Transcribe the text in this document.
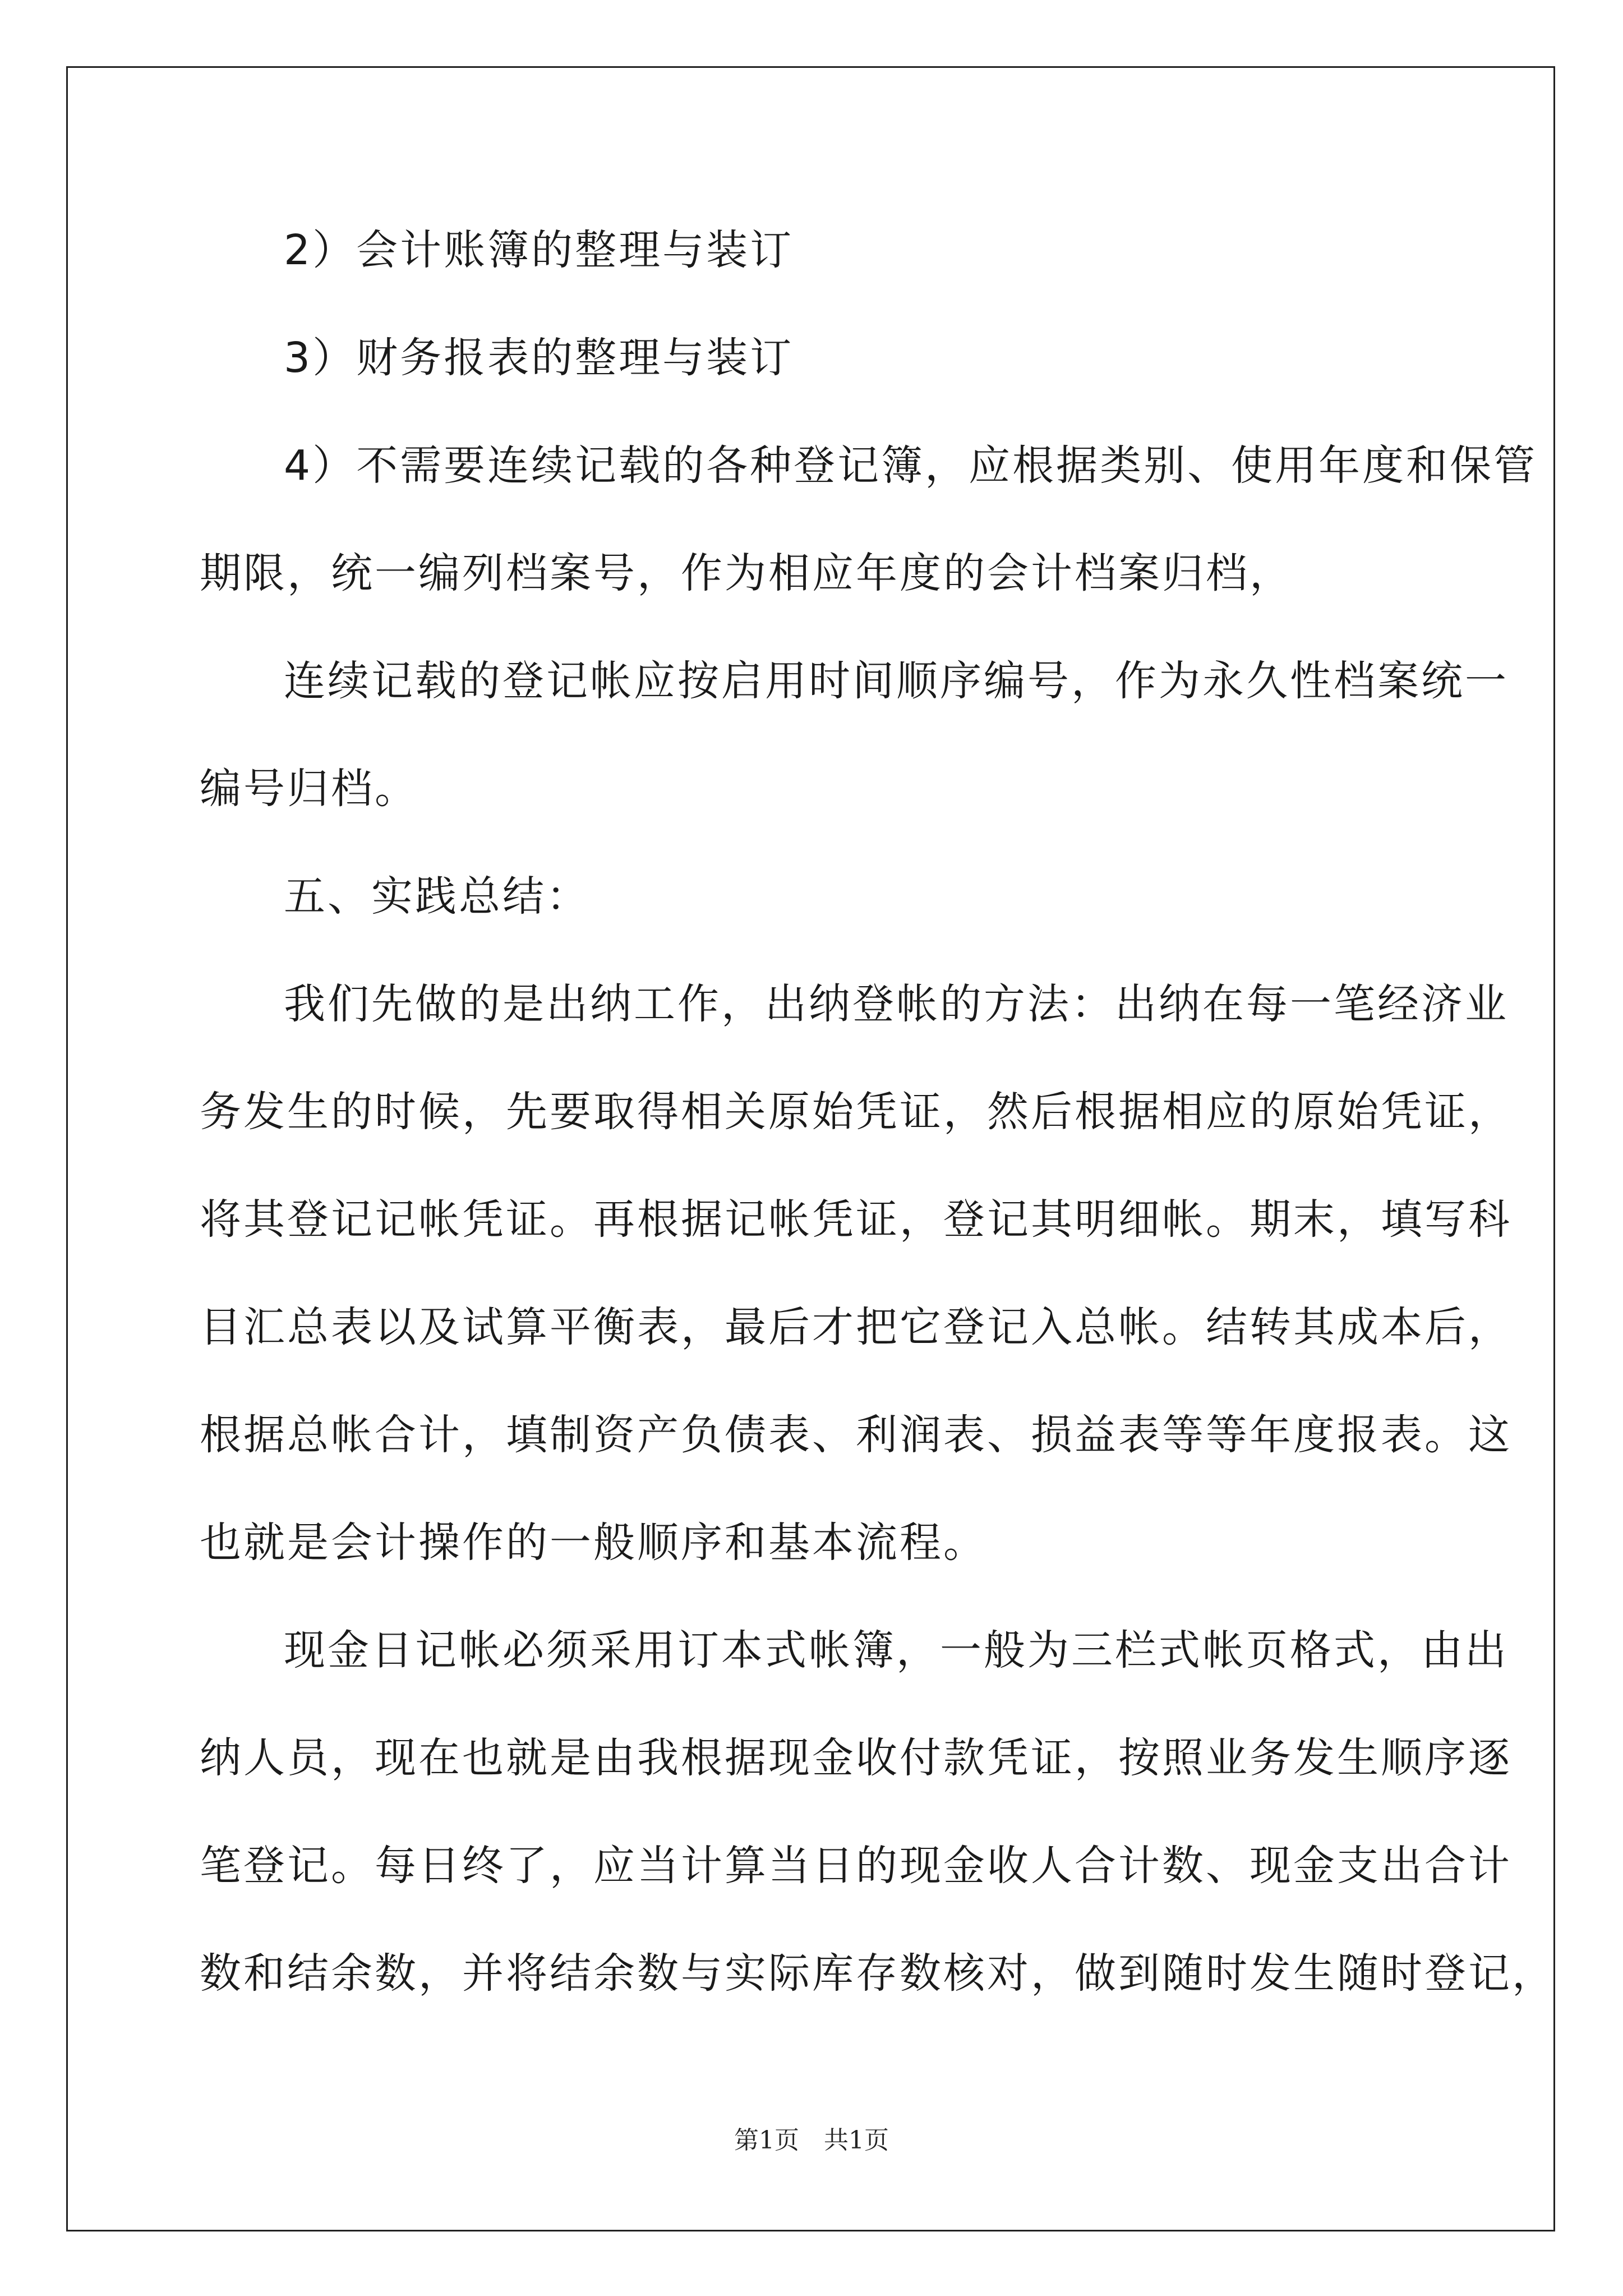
2）会计账簿的整理与装订
3）财务报表的整理与装订
4）不需要连续记载的各种登记簿，应根据类别、使用年度和保管
期限，统一编列档案号，作为相应年度的会计档案归档，
连续记载的登记帐应按启用时间顺序编号，作为永久性档案统一
编号归档。
五、实践总结：
我们先做的是出纳工作，出纳登帐的方法：出纳在每一笔经济业
务发生的时候，先要取得相关原始凭证，然后根据相应的原始凭证，
将其登记记帐凭证。再根据记帐凭证，登记其明细帐。期末，填写科
目汇总表以及试算平衡表，最后才把它登记入总帐。结转其成本后，
根据总帐合计，填制资产负债表、利润表、损益表等等年度报表。这
也就是会计操作的一般顺序和基本流程。
现金日记帐必须采用订本式帐簿，一般为三栏式帐页格式，由出
纳人员，现在也就是由我根据现金收付款凭证，按照业务发生顺序逐
笔登记。每日终了，应当计算当日的现金收人合计数、现金支出合计
数和结余数，并将结余数与实际库存数核对，做到随时发生随时登记，
第1页　共1页
